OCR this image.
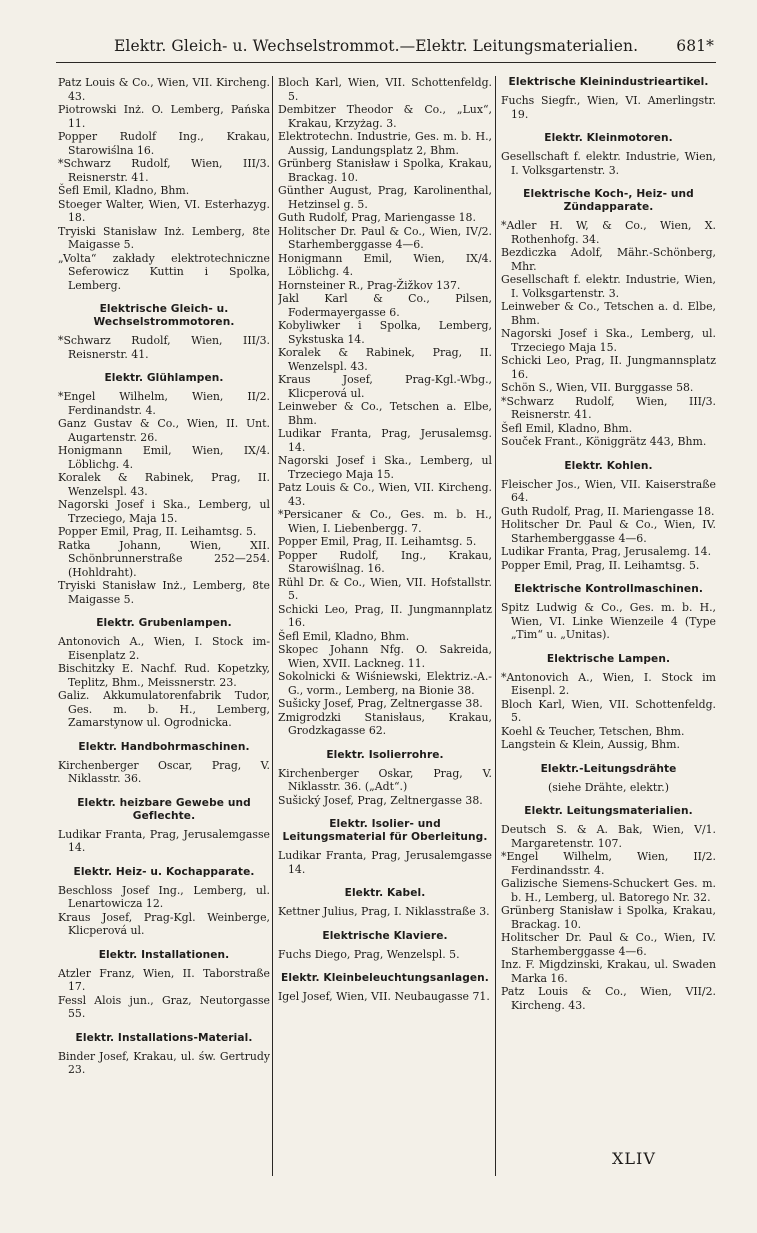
Elektr. Gleich- u. Wechselstrommot.—Elektr. Leitungsmaterialien. 681*

Patz Louis & Co., Wien, VII. Kircheng. 43.

Piotrowski Inż. O. Lemberg, Pańska 11.

Popper Rudolf Ing., Krakau, Starowiślna 16.

*Schwarz Rudolf, Wien, III/3. Reisnerstr. 41.

Šefl Emil, Kladno, Bhm.

Stoeger Walter, Wien, VI. Esterhazyg. 18.

Tryiski Stanisław Inż. Lemberg, 8te Maigasse 5.

„Volta“ zakłady elektrotechniczne Seferowicz Kuttin i Spolka, Lemberg.

Elektrische Gleich- u. Wechselstrommotoren.

*Schwarz Rudolf, Wien, III/3. Reisnerstr. 41.

Elektr. Glühlampen.

*Engel Wilhelm, Wien, II/2. Ferdinandstr. 4.

Ganz Gustav & Co., Wien, II. Unt. Augartenstr. 26.

Honigmann Emil, Wien, IX/4. Löblichg. 4.

Koralek & Rabinek, Prag, II. Wenzelspl. 43.

Nagorski Josef i Ska., Lemberg, ul Trzeciego, Maja 15.

Popper Emil, Prag, II. Leihamtsg. 5.

Ratka Johann, Wien, XII. Schönbrunnerstraße 252—254. (Hohldraht).

Tryiski Stanisław Inż., Lemberg, 8te Maigasse 5.

Elektr. Grubenlampen.

Antonovich A., Wien, I. Stock im-Eisenplatz 2.

Bischitzky E. Nachf. Rud. Kopetzky, Teplitz, Bhm., Meissnerstr. 23.

Galiz. Akkumulatorenfabrik Tudor, Ges. m. b. H., Lemberg, Zamarstynow ul. Ogrodnicka.

Elektr. Handbohrmaschinen.

Kirchenberger Oscar, Prag, V. Niklasstr. 36.

Elektr. heizbare Gewebe und Geflechte.

Ludikar Franta, Prag, Jerusalemgasse 14.

Elektr. Heiz- u. Kochapparate.

Beschloss Josef Ing., Lemberg, ul. Lenartowicza 12.

Kraus Josef, Prag-Kgl. Weinberge, Klicperová ul.

Elektr. Installationen.

Atzler Franz, Wien, II. Taborstraße 17.

Fessl Alois jun., Graz, Neutorgasse 55.

Elektr. Installations-Material.

Binder Josef, Krakau, ul. św. Gertrudy 23.

Bloch Karl, Wien, VII. Schottenfeldg. 5.

Dembitzer Theodor & Co., „Lux“, Krakau, Krzyżag. 3.

Elektrotechn. Industrie, Ges. m. b. H., Aussig, Landungsplatz 2, Bhm.

Grünberg Stanisław i Spolka, Krakau, Brackag. 10.

Günther August, Prag, Karolinenthal, Hetzinsel g. 5.

Guth Rudolf, Prag, Mariengasse 18.

Holitscher Dr. Paul & Co., Wien, IV/2. Starhemberggasse 4—6.

Honigmann Emil, Wien, IX/4. Löblichg. 4.

Hornsteiner R., Prag-Žižkov 137.

Jakl Karl & Co., Pilsen, Fodermayergasse 6.

Kobyliwker i Spolka, Lemberg, Sykstuska 14.

Koralek & Rabinek, Prag, II. Wenzelspl. 43.

Kraus Josef, Prag-Kgl.-Wbg., Klicperová ul.

Leinweber & Co., Tetschen a. Elbe, Bhm.

Ludikar Franta, Prag, Jerusalemsg. 14.

Nagorski Josef i Ska., Lemberg, ul Trzeciego Maja 15.

Patz Louis & Co., Wien, VII. Kircheng. 43.

*Persicaner & Co., Ges. m. b. H., Wien, I. Liebenbergg. 7.

Popper Emil, Prag, II. Leihamtsg. 5.

Popper Rudolf, Ing., Krakau, Starowiślnag. 16.

Rühl Dr. & Co., Wien, VII. Hofstallstr. 5.

Schicki Leo, Prag, II. Jungmannplatz 16.

Šefl Emil, Kladno, Bhm.

Skopec Johann Nfg. O. Sakreida, Wien, XVII. Lackneg. 11.

Sokolnicki & Wiśniewski, Elektriz.-A.-G., vorm., Lemberg, na Bionie 38.

Sušicky Josef, Prag, Zeltnergasse 38.

Zmigrodzki Stanisłaus, Krakau, Grodzkagasse 62.

Elektr. Isolierrohre.

Kirchenberger Oskar, Prag, V. Niklasstr. 36. („Adt“.)

Sušický Josef, Prag, Zeltnergasse 38.

Elektr. Isolier- und Leitungsmaterial für Oberleitung.

Ludikar Franta, Prag, Jerusalemgasse 14.

Elektr. Kabel.

Kettner Julius, Prag, I. Niklasstraße 3.

Elektrische Klaviere.

Fuchs Diego, Prag, Wenzelspl. 5.

Elektr. Kleinbeleuchtungsanlagen.

Igel Josef, Wien, VII. Neubaugasse 71.

Elektrische Kleinindustrieartikel.

Fuchs Siegfr., Wien, VI. Amerlingstr. 19.

Elektr. Kleinmotoren.

Gesellschaft f. elektr. Industrie, Wien, I. Volksgartenstr. 3.

Elektrische Koch-, Heiz- und Zündapparate.

*Adler H. W, & Co., Wien, X. Rothenhofg. 34.

Bezdiczka Adolf, Mähr.-Schönberg, Mhr.

Gesellschaft f. elektr. Industrie, Wien, I. Volksgartenstr. 3.

Leinweber & Co., Tetschen a. d. Elbe, Bhm.

Nagorski Josef i Ska., Lemberg, ul. Trzeciego Maja 15.

Schicki Leo, Prag, II. Jungmannsplatz 16.

Schön S., Wien, VII. Burggasse 58.

*Schwarz Rudolf, Wien, III/3. Reisnerstr. 41.

Šefl Emil, Kladno, Bhm.

Souček Frant., Königgrätz 443, Bhm.

Elektr. Kohlen.

Fleischer Jos., Wien, VII. Kaiserstraße 64.

Guth Rudolf, Prag, II. Mariengasse 18.

Holitscher Dr. Paul & Co., Wien, IV. Starhemberggasse 4—6.

Ludikar Franta, Prag, Jerusalemg. 14.

Popper Emil, Prag, II. Leihamtsg. 5.

Elektrische Kontrollmaschinen.

Spitz Ludwig & Co., Ges. m. b. H., Wien, VI. Linke Wienzeile 4 (Type „Tim“ u. „Unitas).

Elektrische Lampen.

*Antonovich A., Wien, I. Stock im Eisenpl. 2.

Bloch Karl, Wien, VII. Schottenfeldg. 5.

Koehl & Teucher, Tetschen, Bhm.

Langstein & Klein, Aussig, Bhm.

Elektr.-Leitungsdrähte

(siehe Drähte, elektr.)

Elektr. Leitungsmaterialien.

Deutsch S. & A. Bak, Wien, V/1. Margaretenstr. 107.

*Engel Wilhelm, Wien, II/2. Ferdinandsstr. 4.

Galizische Siemens-Schuckert Ges. m. b. H., Lemberg, ul. Batorego Nr. 32.

Grünberg Stanisław i Spolka, Krakau, Brackag. 10.

Holitscher Dr. Paul & Co., Wien, IV. Starhemberggasse 4—6.

Inz. F. Migdzinski, Krakau, ul. Swaden Marka 16.

Patz Louis & Co., Wien, VII/2. Kircheng. 43.

XLIV
